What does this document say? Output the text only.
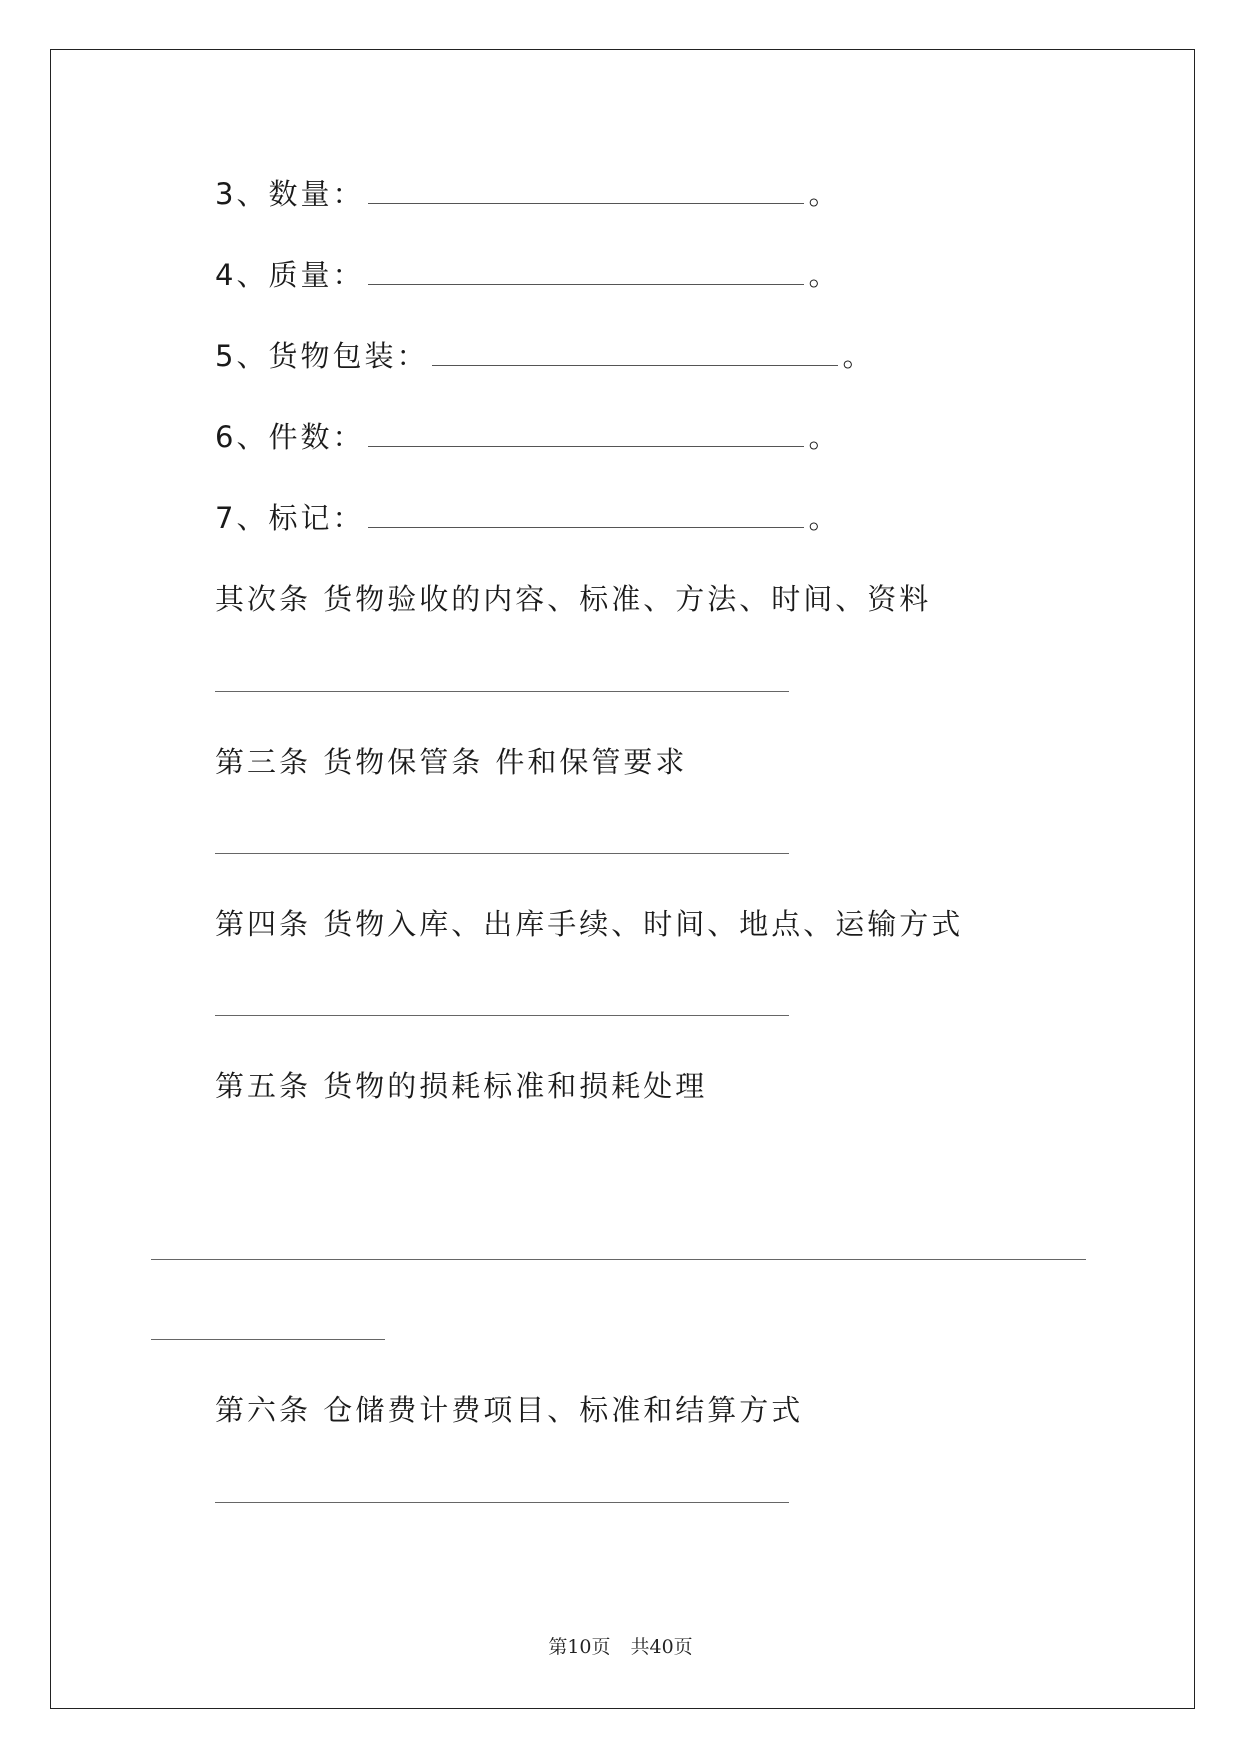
3、数量：	。
4、质量：	。
5、货物包装：	。
6、件数：	。
7、标记：	。
其次条 货物验收的内容、标准、方法、时间、资料
第三条 货物保管条 件和保管要求
第四条 货物入库、出库手续、时间、地点、运输方式
第五条 货物的损耗标准和损耗处理
第六条 仓储费计费项目、标准和结算方式
第10页 共40页
